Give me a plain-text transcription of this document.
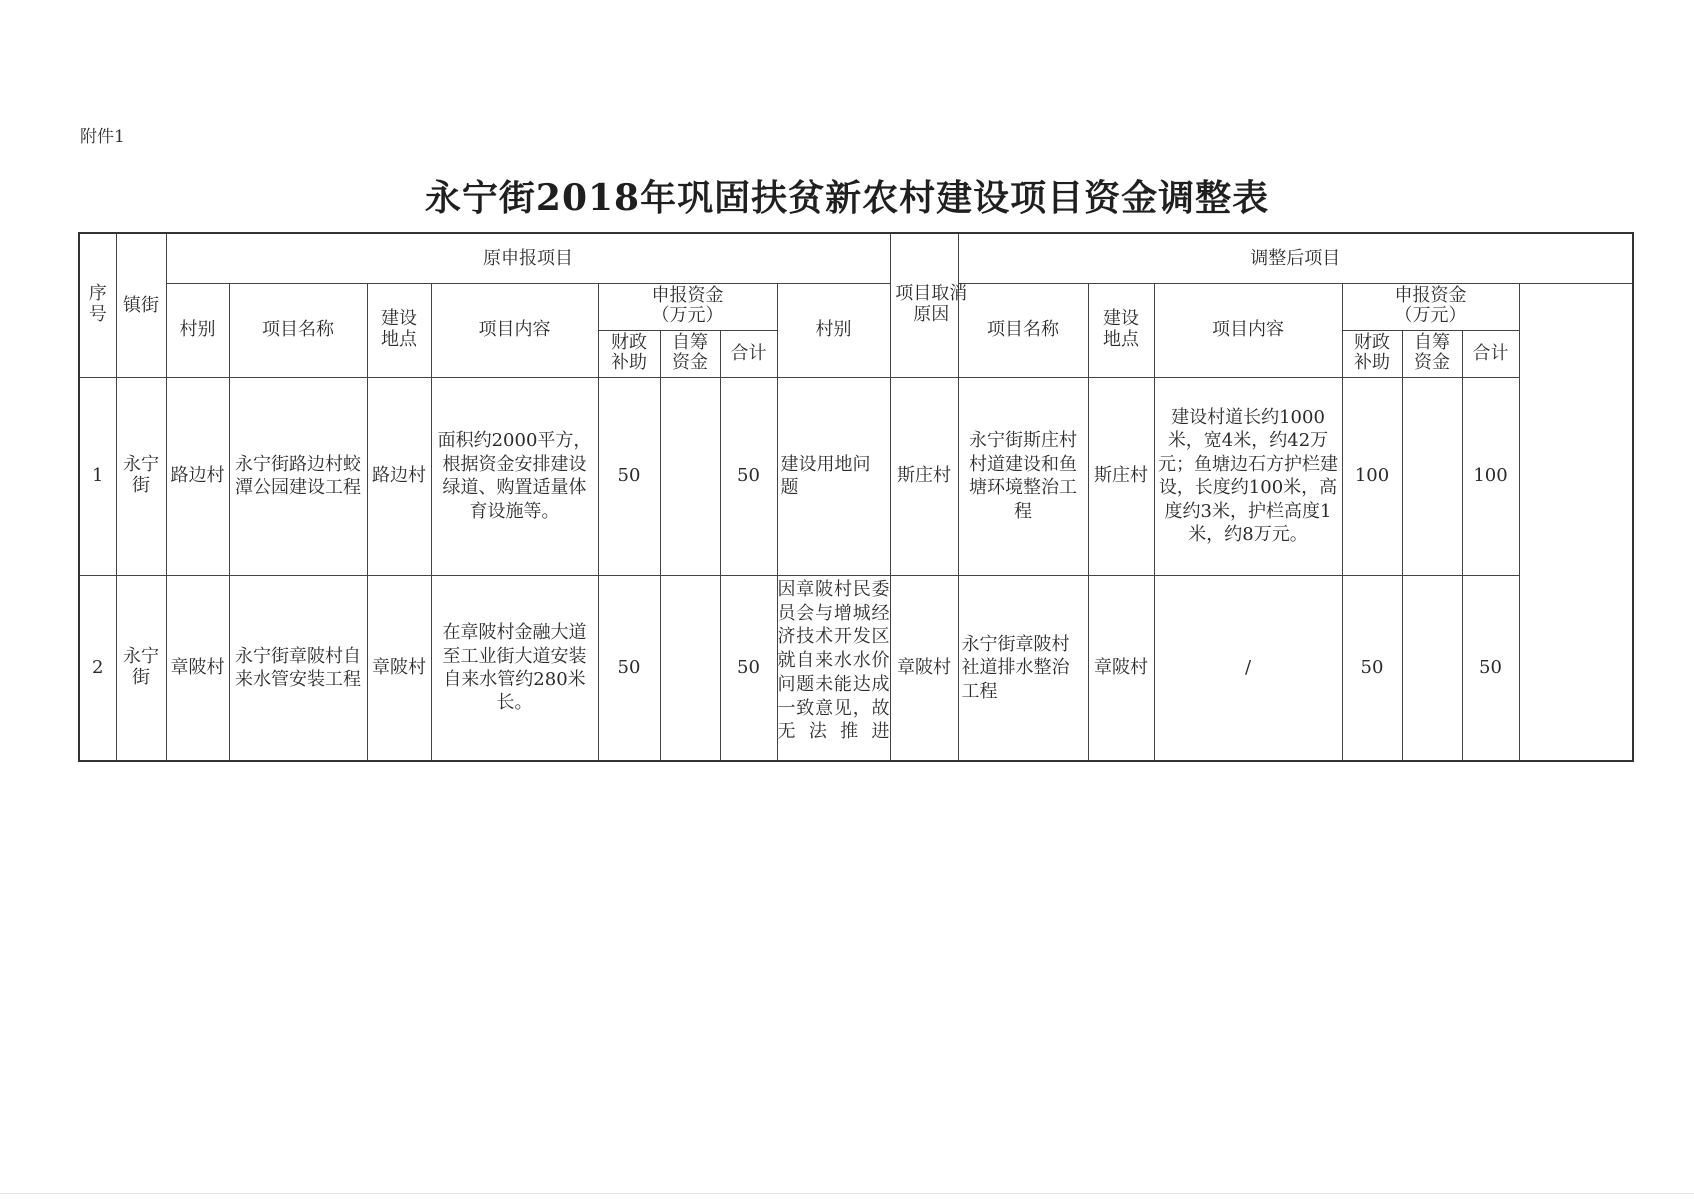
附件1
永宁街2018年巩固扶贫新农村建设项目资金调整表
序号	镇街	原申报项目								项目取消原因	调整后项目					
		村别	项目名称	建设地点	项目内容	申报资金（万元）			村别		项目名称	建设地点	项目内容	申报资金（万元）		
						财政补助	自筹资金	合计						财政补助	自筹资金	合计
1	永宁街	路边村	永宁街路边村蛟潭公园建设工程	路边村	面积约2000平方，根据资金安排建设绿道、购置适量体育设施等。	50		50	建设用地问题	斯庄村	永宁街斯庄村村道建设和鱼塘环境整治工程	斯庄村	建设村道长约1000米，宽4米，约42万元；鱼塘边石方护栏建设，长度约100米，高度约3米，护栏高度1米，约8万元。	100		100
2	永宁街	章陂村	永宁街章陂村自来水管安装工程	章陂村	在章陂村金融大道至工业街大道安装自来水管约280米长。	50		50	因章陂村民委员会与增城经济技术开发区就自来水水价问题未能达成一致意见，故无法推进	章陂村	永宁街章陂村社道排水整治工程	章陂村	/	50		50
